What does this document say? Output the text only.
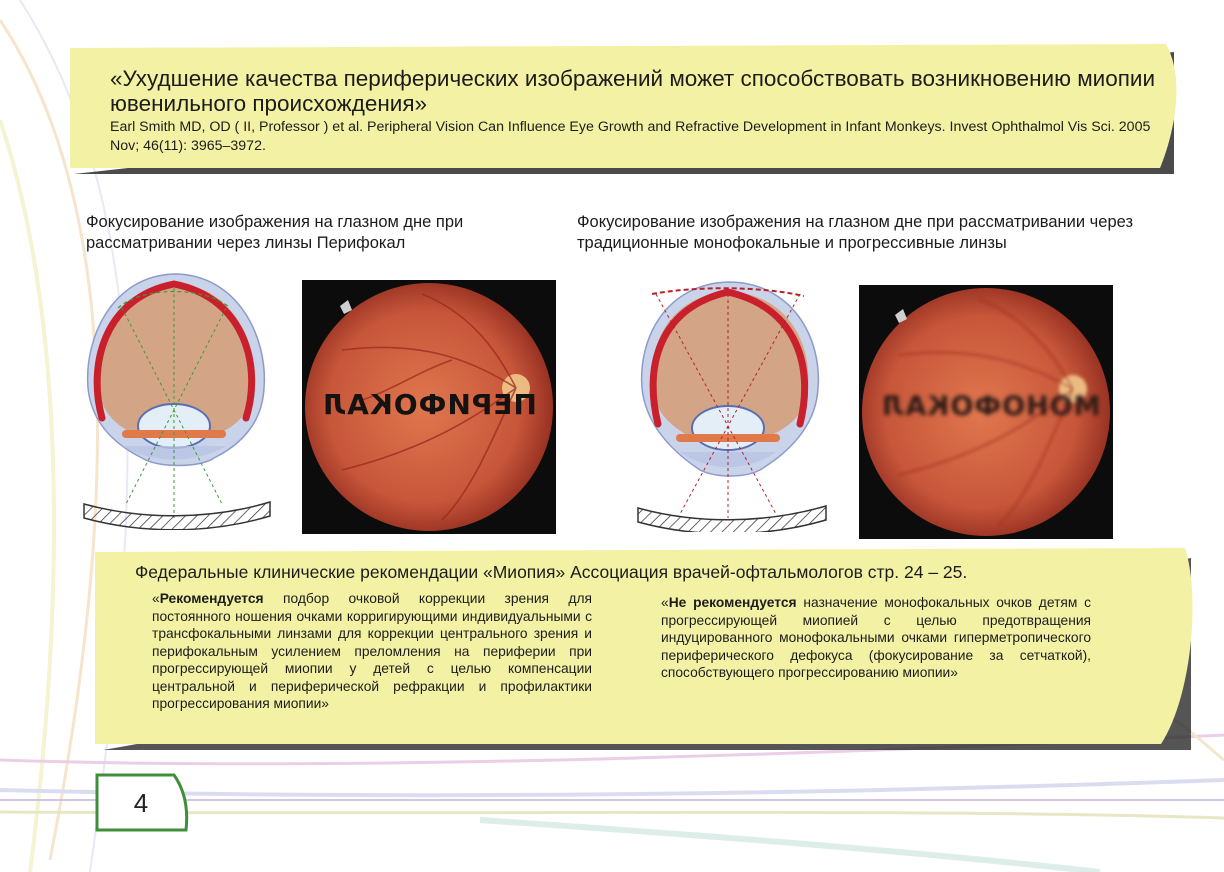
«Ухудшение качества периферических изображений может способствовать возникновению миопии ювенильного происхождения»

Earl Smith MD, OD ( II, Professor ) et al. Peripheral Vision Can Influence Eye Growth and Refractive Development in Infant Monkeys. Invest Ophthalmol Vis Sci. 2005 Nov; 46(11): 3965–3972.

Фокусирование изображения на глазном дне при рассматривании через линзы Перифокал
Фокусирование изображения на глазном дне при рассматривании через традиционные монофокальные и прогрессивные линзы
ПЕРИФОКАЛ	МОНОФОКАЛ
Федеральные клинические рекомендации «Миопия» Ассоциация врачей-офтальмологов стр. 24 – 25.
«Рекомендуется подбор очковой коррекции зрения для постоянного ношения очками корригирующими индивидуальными с трансфокальными линзами для коррекции центрального зрения и перифокальным усилением преломления на периферии при прогрессирующей миопии у детей с целью компенсации центральной и периферической рефракции и профилактики прогрессирования миопии»
«Не рекомендуется назначение монофокальных очков детям с прогрессирующей миопией с целью предотвращения индуцированного монофокальными очками гиперметропического периферического дефокуса (фокусирование за сетчаткой), способствующего прогрессированию миопии»
4
